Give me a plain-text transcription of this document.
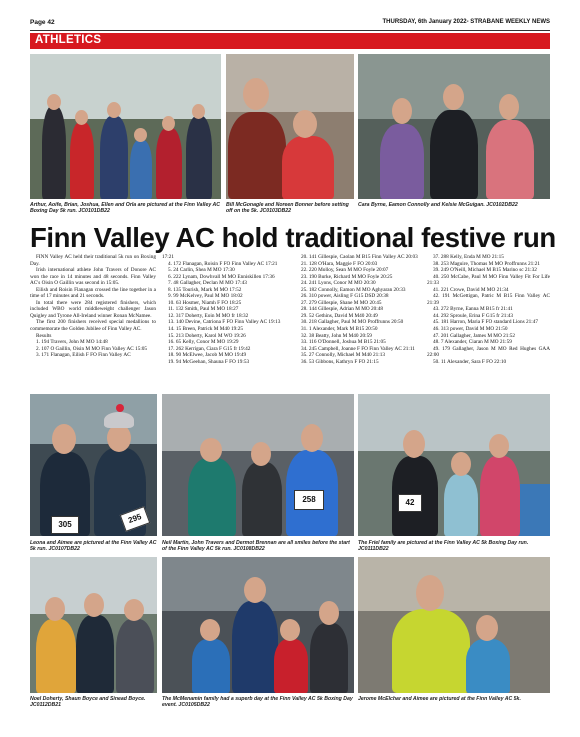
Page 42	THURSDAY, 6th January 2022- STRABANE WEEKLY NEWS
ATHLETICS
Arthur, Aoife, Brian, Joshua, Ellen and Orla are pictured at the Finn Valley AC Boxing Day 5k run. JC0101DB22
Bill McGonagle and Noreen Bonner before setting off on the 5k. JC0103DB22
Cara Byrne, Eamon Connolly and Kelsie McGuigan. JC0102DB22
Finn Valley AC hold traditional festive run

FINN Valley AC held their traditional 5k run on Boxing Day.

Irish international athlete John Travers of Donore AC won the race in 14 minutes and 48 seconds. Finn Valley AC's Oisin O Gaillin was second in 15:05.

Eilish and Roisin Flanagan crossed the line together in a time of 17 minutes and 21 seconds.

In total there were 284 registered finishers, which included WBO world middleweight challenger Jason Quigley and Tyrone All-Ireland winner Ronan McNamee.

The first 200 finishers received special medallions to commemorate the Golden Jubilee of Finn Valley AC.

Results

1. 194 Travers, John M MO 14:48

2. 107 O Gaillin, Oisin M MO Finn Valley AC 15:05

3. 171 Flanagan, Eilish F FO Finn Valley AC

17:21

4. 172 Flanagan, Roisin F FO Finn Valley AC 17:21

5. 24 Carlin, Shea M MO 17:30

6. 222 Lynam, Dowhvall M MO Enniskillen 17:36

7. 48 Gallagher, Declan M MO 17:43

8. 135 Tourish, Mark M MO 17:52

9. 99 McKelvey, Paul M MO 18:02

10. 63 Hosmer, Niamh F FO 18:25

11. 132 Smith, Paul M MO 18:27

12. 317 Doherty, Eoin M MO fr 18:32

13. 140 Devine, Catriona F FO Finn Valley AC 19:13

14. 15 Breen, Patrick M M40 19:25

15. 213 Doherty, Karol M WO 19:26

16. 65 Kelly, Conor M MO 19:29

17. 262 Kerrigan, Ciara F G15 fr 19:42

18. 90 McElwee, Jacob M MO 19:49

19. 94 McGeehan, Shauna F FO 19:53

20. 141 Gillespie, Caolan M B15 Finn Valley AC 20:03

21. 128 O'Hara, Maggie F FO 20:03

22. 220 Molloy, Sean M MO Foyle 20:07

23. 190 Burke, Richard M MO Foyle 20:25

24. 241 Lyons, Conor M MO 20:30

25. 182 Connolly, Eamon M MO Aghyaran 20:33

26. 310 power, Aisling F G15 DSD 20:38

27. 279 Gillespie, Shane M MO 20:45

28. 144 Gillespie, Adrian M MO 20:48

29. 52 Gethins, David M M40 20:49

30. 218 Gallagher, Paul M MO Proffrunns 20:50

31. 1 Alexander, Mark M B15 20:50

32. 38 Beatty, John M M40 20:59

33. 116 O'Donnell, Joshua M B15 21:05

34. 245 Campbell, Joanne F FO Finn Valley AC 21:11

35. 27 Connolly, Michael M M40 21:13

36. 53 Gibbons, Kathryn F FO 21:15

37. 288 Kelly, Enda M MO 21:15

38. 253 Maguire, Thomas M MO Proffrunns 21:21

39. 249 O'Neill, Michael M B15 Marino sc 21:32

40. 250 McCabe, Paul M MO Finn Valley Fit For Life 21:33

41. 221 Crowe, David M MO 21:34

42. 191 McGettigan, Patric M B15 Finn Valley AC 21:39

43. 272 Byrne, Eanna M B15 fr 21:41

44. 292 Sproule, Erina F G15 fr 21:43

45. 181 Harron, Maria F FO standard Lions 21:47

46. 313 power, David M MO 21:50

47. 201 Gallagher, James M MO 21:52

48. 7 Alexander, Ciaran M MO 21:59

49. 179 Gallagher, Jason M MO Red Hughes GAA 22:00

50. 11 Alexander, Sara F FO 22:10

305	295
258	42
Leona and Aimee are pictured at the Finn Valley AC 5k run. JC0107DB22
Neil Martin, John Travers and Dermot Brennan are all smiles before the start of the Finn Valley AC 5k run. JC0108DB22
The Friel family are pictured at the Finn Valley AC 5k Boxing Day run. JC0111DB22
Noel Doherty, Shaun Boyce and Sinead Boyce. JC0112DB21
The McMenamin family had a superb day at the Finn Valley AC 5k Boxing Day event. JC0105DB22
Jerome McElchar and Aimee are pictured at the Finn Valley AC 5k.
